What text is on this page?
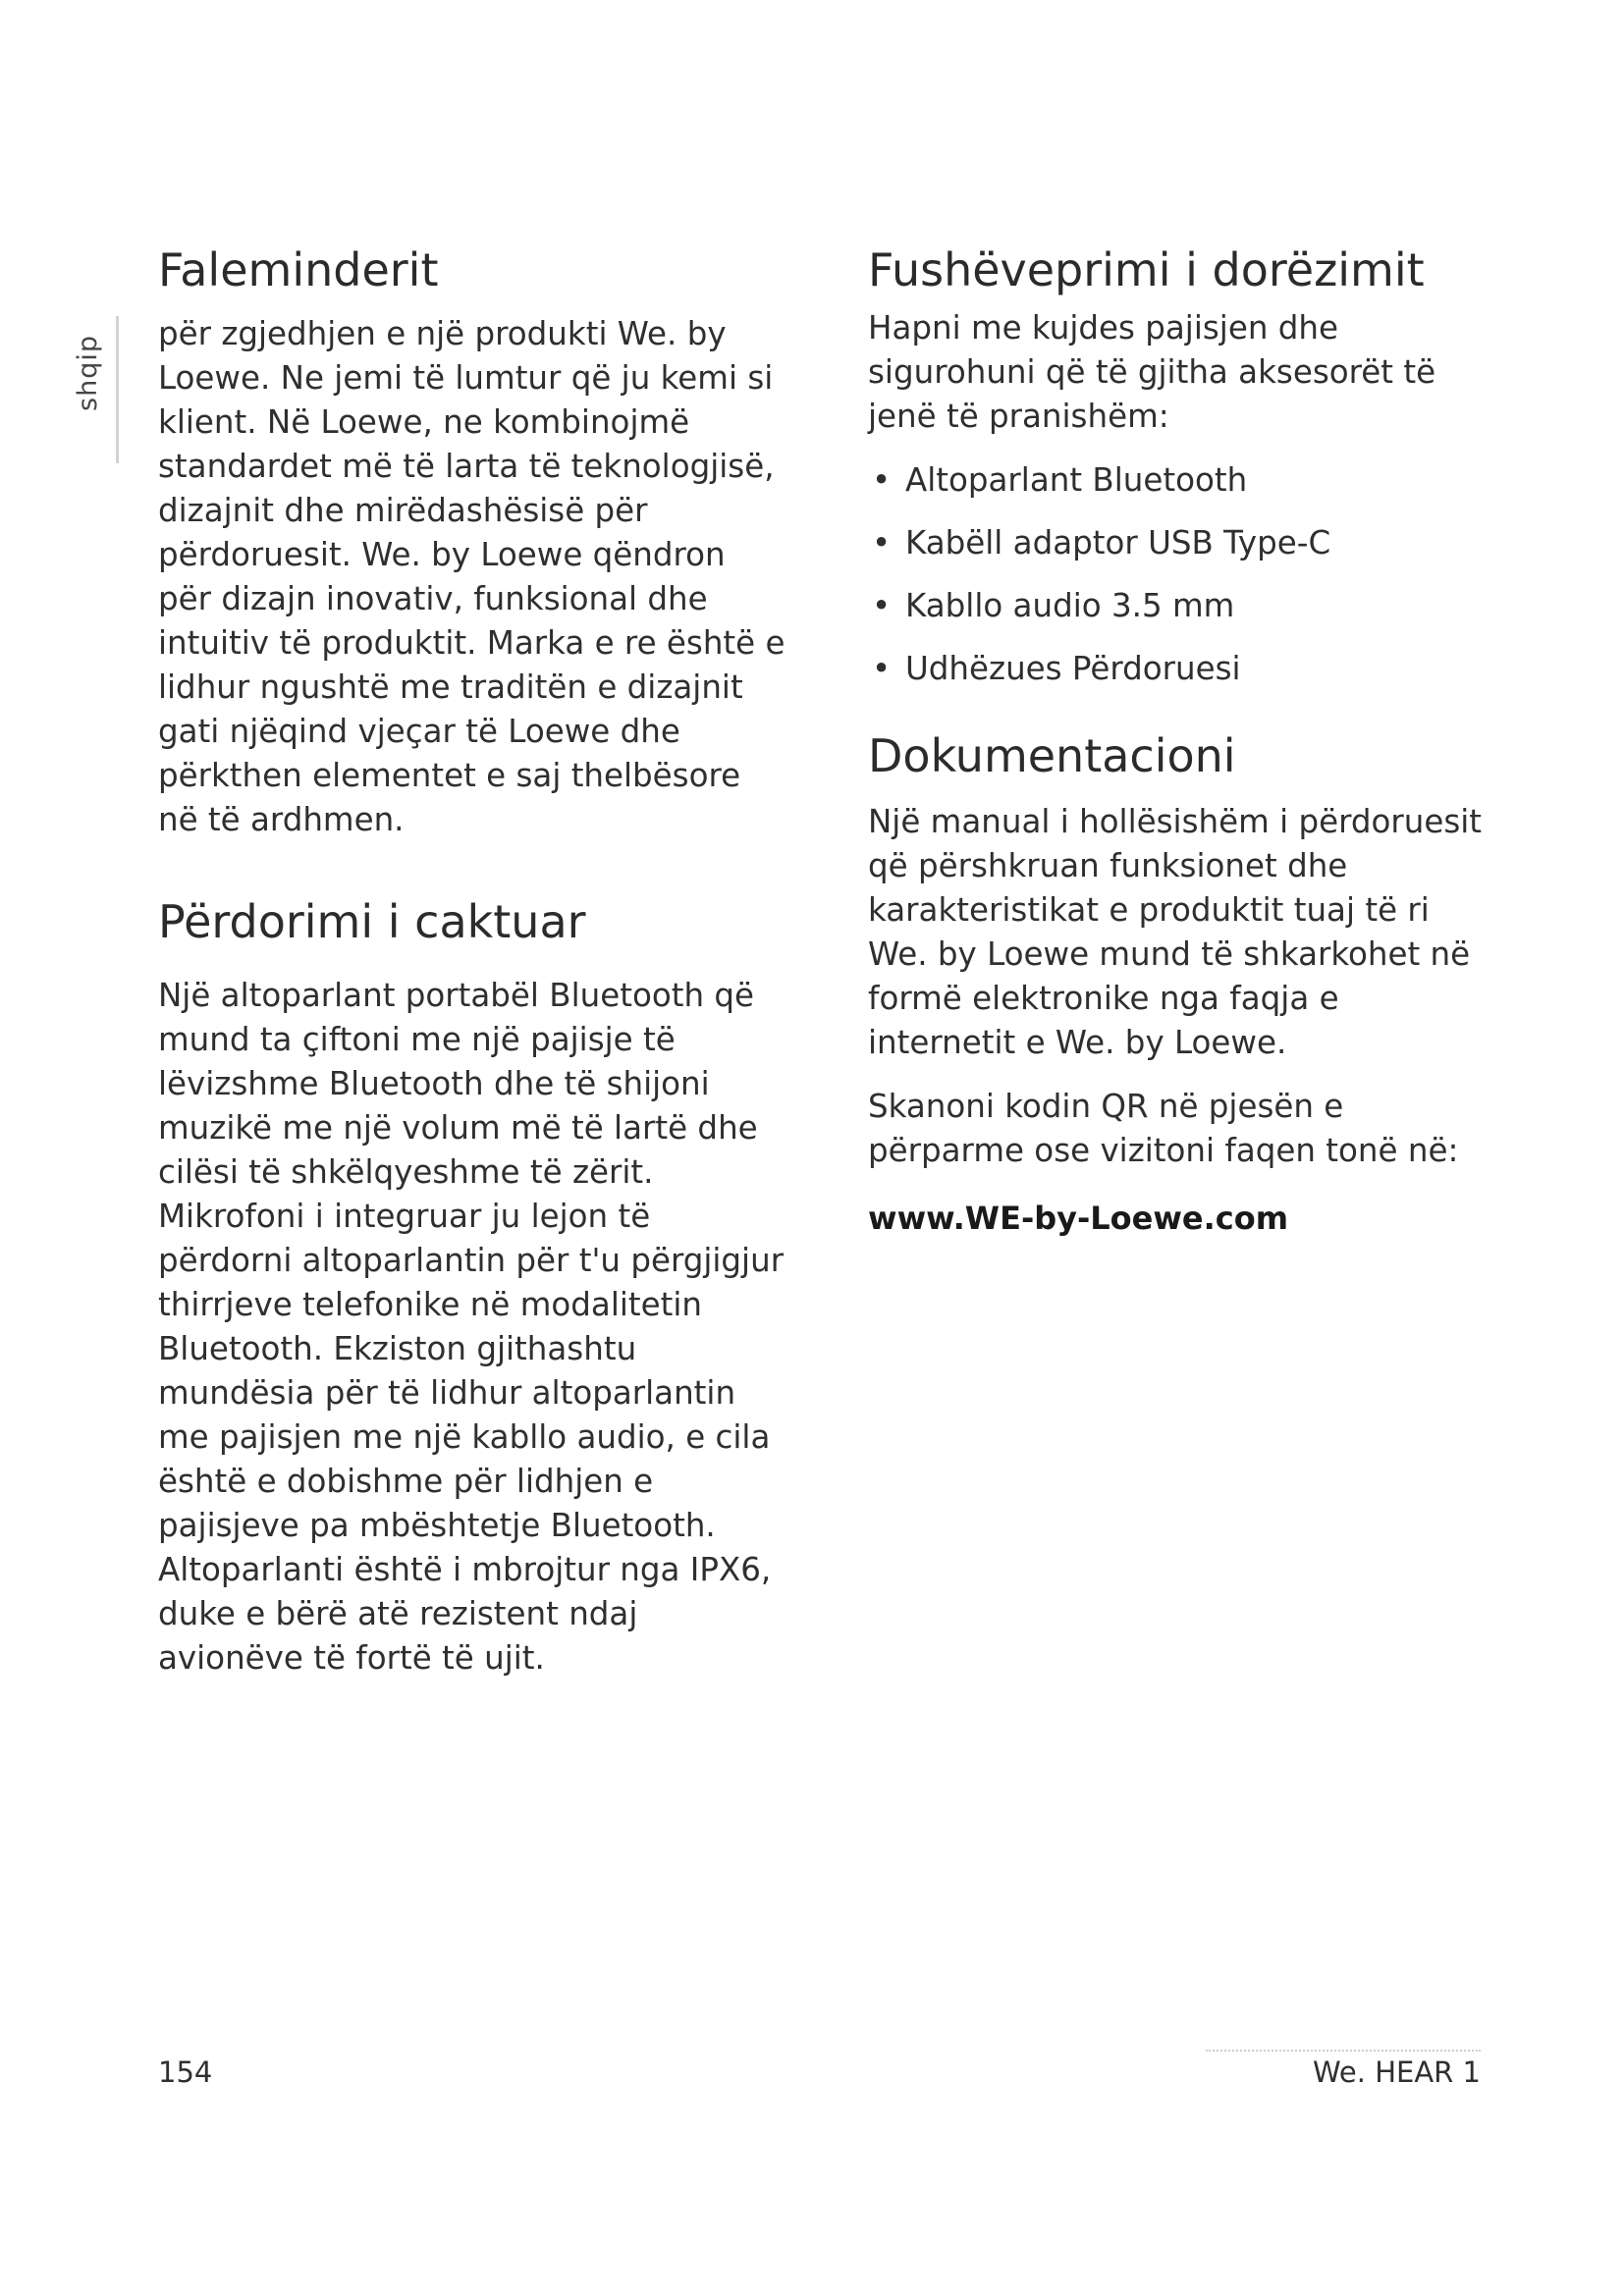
shqip
Faleminderit

për zgjedhjen e një produkti We. by Loewe. Ne jemi të lumtur që ju kemi si klient. Në Loewe, ne kombinojmë standardet më të larta të teknologjisë, dizajnit dhe mirëdashësisë për përdoruesit. We. by Loewe qëndron për dizajn inovativ, funksional dhe intuitiv të produktit. Marka e re është e lidhur ngushtë me traditën e dizajnit gati njëqind vjeçar të Loewe dhe përkthen elementet e saj thelbësore në të ardhmen.

Përdorimi i caktuar

Një altoparlant portabël Bluetooth që mund ta çiftoni me një pajisje të lëvizshme Bluetooth dhe të shijoni muzikë me një volum më të lartë dhe cilësi të shkëlqyeshme të zërit. Mikrofoni i integruar ju lejon të përdorni altoparlantin për t'u përgjigjur thirrjeve telefonike në modalitetin Bluetooth. Ekziston gjithashtu mundësia për të lidhur altoparlantin me pajisjen me një kabllo audio, e cila është e dobishme për lidhjen e pajisjeve pa mbështetje Bluetooth. Altoparlanti është i mbrojtur nga IPX6, duke e bërë atë rezistent ndaj avionëve të fortë të ujit.

Fushëveprimi i dorëzimit

Hapni me kujdes pajisjen dhe sigurohuni që të gjitha aksesorët të jenë të pranishëm:

• Altoparlant Bluetooth
• Kabëll adaptor USB Type-C
• Kabllo audio 3.5 mm
• Udhëzues Përdoruesi
Dokumentacioni

Një manual i hollësishëm i përdoruesit që përshkruan funksionet dhe karakteristikat e produktit tuaj të ri We. by Loewe mund të shkarkohet në formë elektronike nga faqja e internetit e We. by Loewe.

Skanoni kodin QR në pjesën e përparme ose vizitoni faqen tonë në:

www.WE-by-Loewe.com

154	We. HEAR 1
